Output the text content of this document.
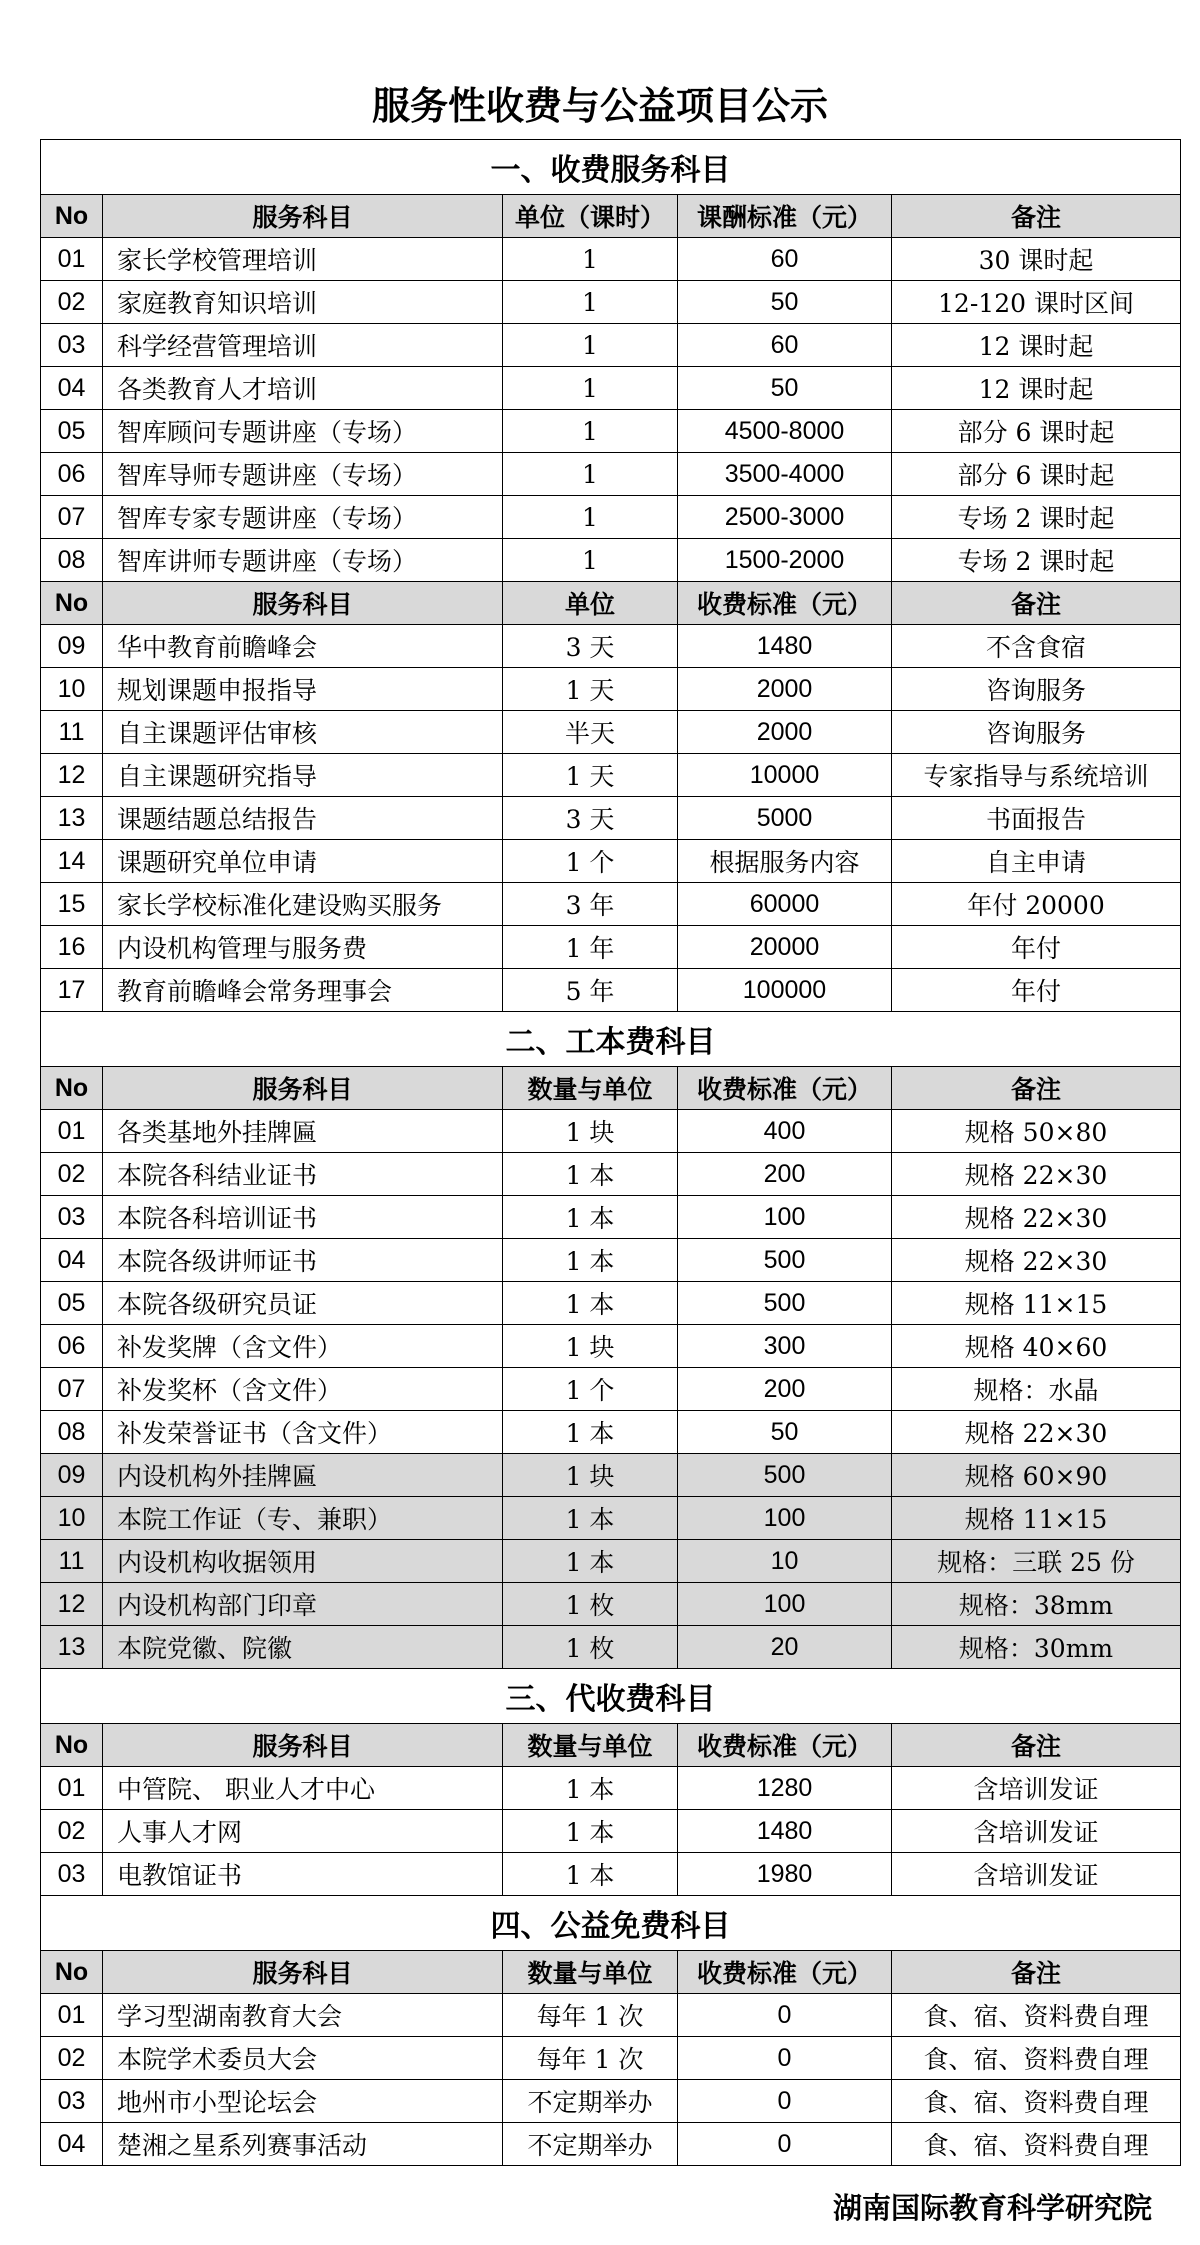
服务性收费与公益项目公示
一、收费服务科目				
No	服务科目	单位（课时）	课酬标准（元）	备注
01	家长学校管理培训	1	60	30 课时起
02	家庭教育知识培训	1	50	12-120 课时区间
03	科学经营管理培训	1	60	12 课时起
04	各类教育人才培训	1	50	12 课时起
05	智库顾问专题讲座（专场）	1	4500-8000	部分 6 课时起
06	智库导师专题讲座（专场）	1	3500-4000	部分 6 课时起
07	智库专家专题讲座（专场）	1	2500-3000	专场 2 课时起
08	智库讲师专题讲座（专场）	1	1500-2000	专场 2 课时起
No	服务科目	单位	收费标准（元）	备注
09	华中教育前瞻峰会	3 天	1480	不含食宿
10	规划课题申报指导	1 天	2000	咨询服务
11	自主课题评估审核	半天	2000	咨询服务
12	自主课题研究指导	1 天	10000	专家指导与系统培训
13	课题结题总结报告	3 天	5000	书面报告
14	课题研究单位申请	1 个	根据服务内容	自主申请
15	家长学校标准化建设购买服务	3 年	60000	年付 20000
16	内设机构管理与服务费	1 年	20000	年付
17	教育前瞻峰会常务理事会	5 年	100000	年付
二、工本费科目				
No	服务科目	数量与单位	收费标准（元）	备注
01	各类基地外挂牌匾	1 块	400	规格 50×80
02	本院各科结业证书	1 本	200	规格 22×30
03	本院各科培训证书	1 本	100	规格 22×30
04	本院各级讲师证书	1 本	500	规格 22×30
05	本院各级研究员证	1 本	500	规格 11×15
06	补发奖牌（含文件）	1 块	300	规格 40×60
07	补发奖杯（含文件）	1 个	200	规格：水晶
08	补发荣誉证书（含文件）	1 本	50	规格 22×30
09	内设机构外挂牌匾	1 块	500	规格 60×90
10	本院工作证（专、兼职）	1 本	100	规格 11×15
11	内设机构收据领用	1 本	10	规格：三联 25 份
12	内设机构部门印章	1 枚	100	规格：38mm
13	本院党徽、院徽	1 枚	20	规格：30mm
三、代收费科目				
No	服务科目	数量与单位	收费标准（元）	备注
01	中管院、 职业人才中心	1 本	1280	含培训发证
02	人事人才网	1 本	1480	含培训发证
03	电教馆证书	1 本	1980	含培训发证
四、公益免费科目				
No	服务科目	数量与单位	收费标准（元）	备注
01	学习型湖南教育大会	每年 1 次	0	食、宿、资料费自理
02	本院学术委员大会	每年 1 次	0	食、宿、资料费自理
03	地州市小型论坛会	不定期举办	0	食、宿、资料费自理
04	楚湘之星系列赛事活动	不定期举办	0	食、宿、资料费自理
湖南国际教育科学研究院
